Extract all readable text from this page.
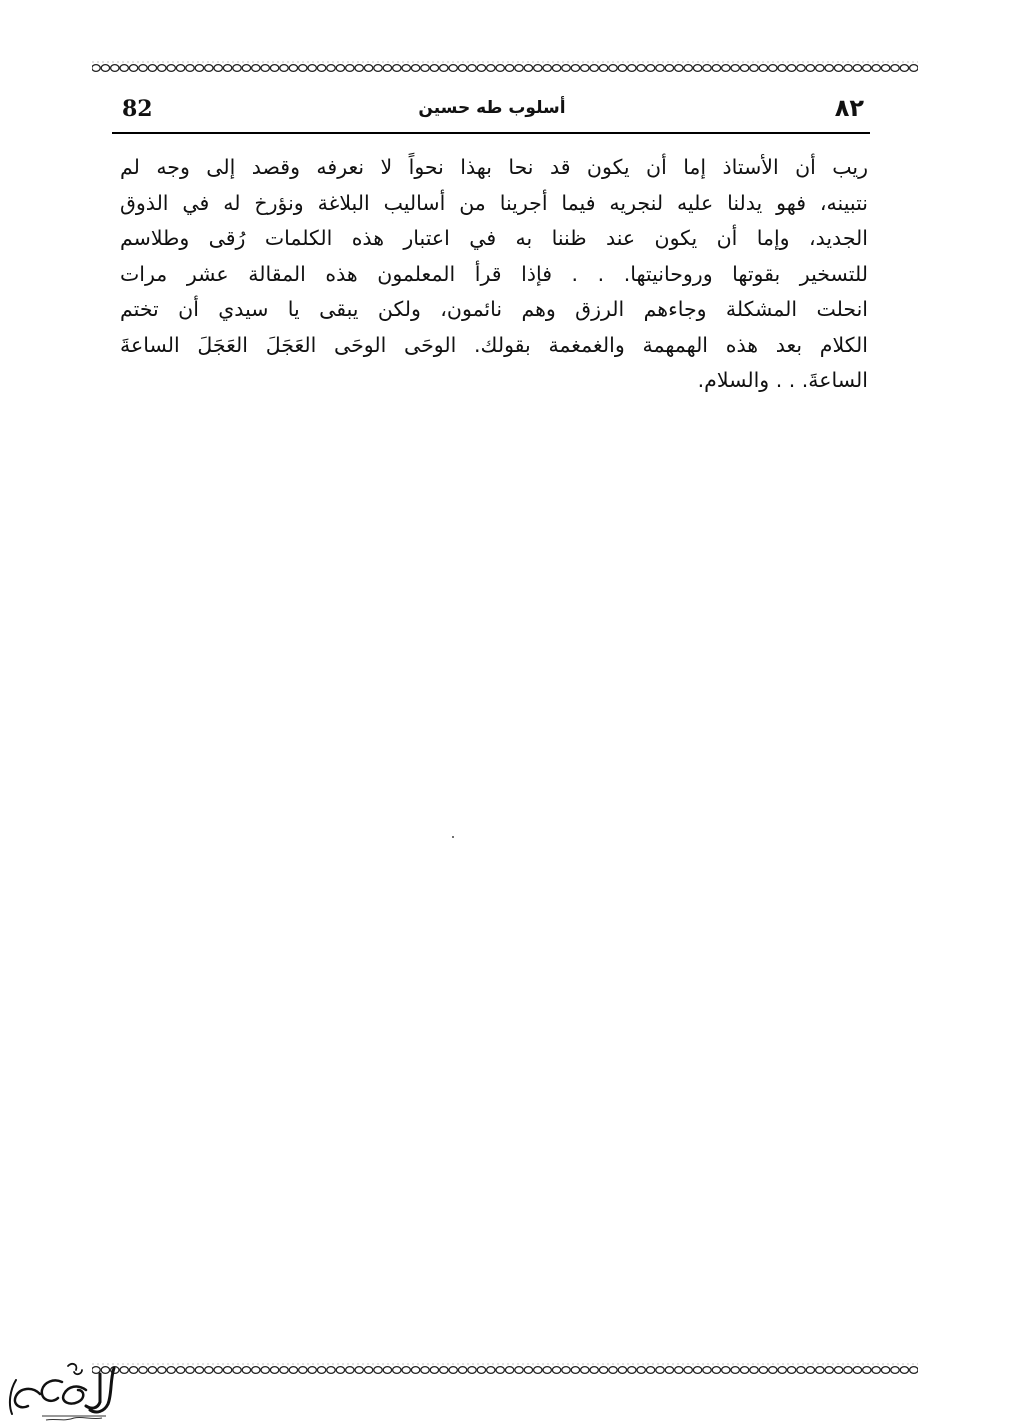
82	أسلوب طه حسين	٨٢
ريب أن الأستاذ إما أن يكون قد نحا بهذا نحواً لا نعرفه وقصد إلى وجه لم
نتبينه، فهو يدلنا عليه لنجريه فيما أجرينا من أساليب البلاغة ونؤرخ له في الذوق
الجديد، وإما أن يكون عند ظننا به في اعتبار هذه الكلمات رُقى وطلاسم
للتسخير بقوتها وروحانيتها. . . فإذا قرأ المعلمون هذه المقالة عشر مرات
انحلت المشكلة وجاءهم الرزق وهم نائمون، ولكن يبقى يا سيدي أن تختم
الكلام بعد هذه الهمهمة والغمغمة بقولك. الوحَى الوحَى العَجَلَ العَجَلَ الساعةَ
الساعةَ. . . والسلام.
